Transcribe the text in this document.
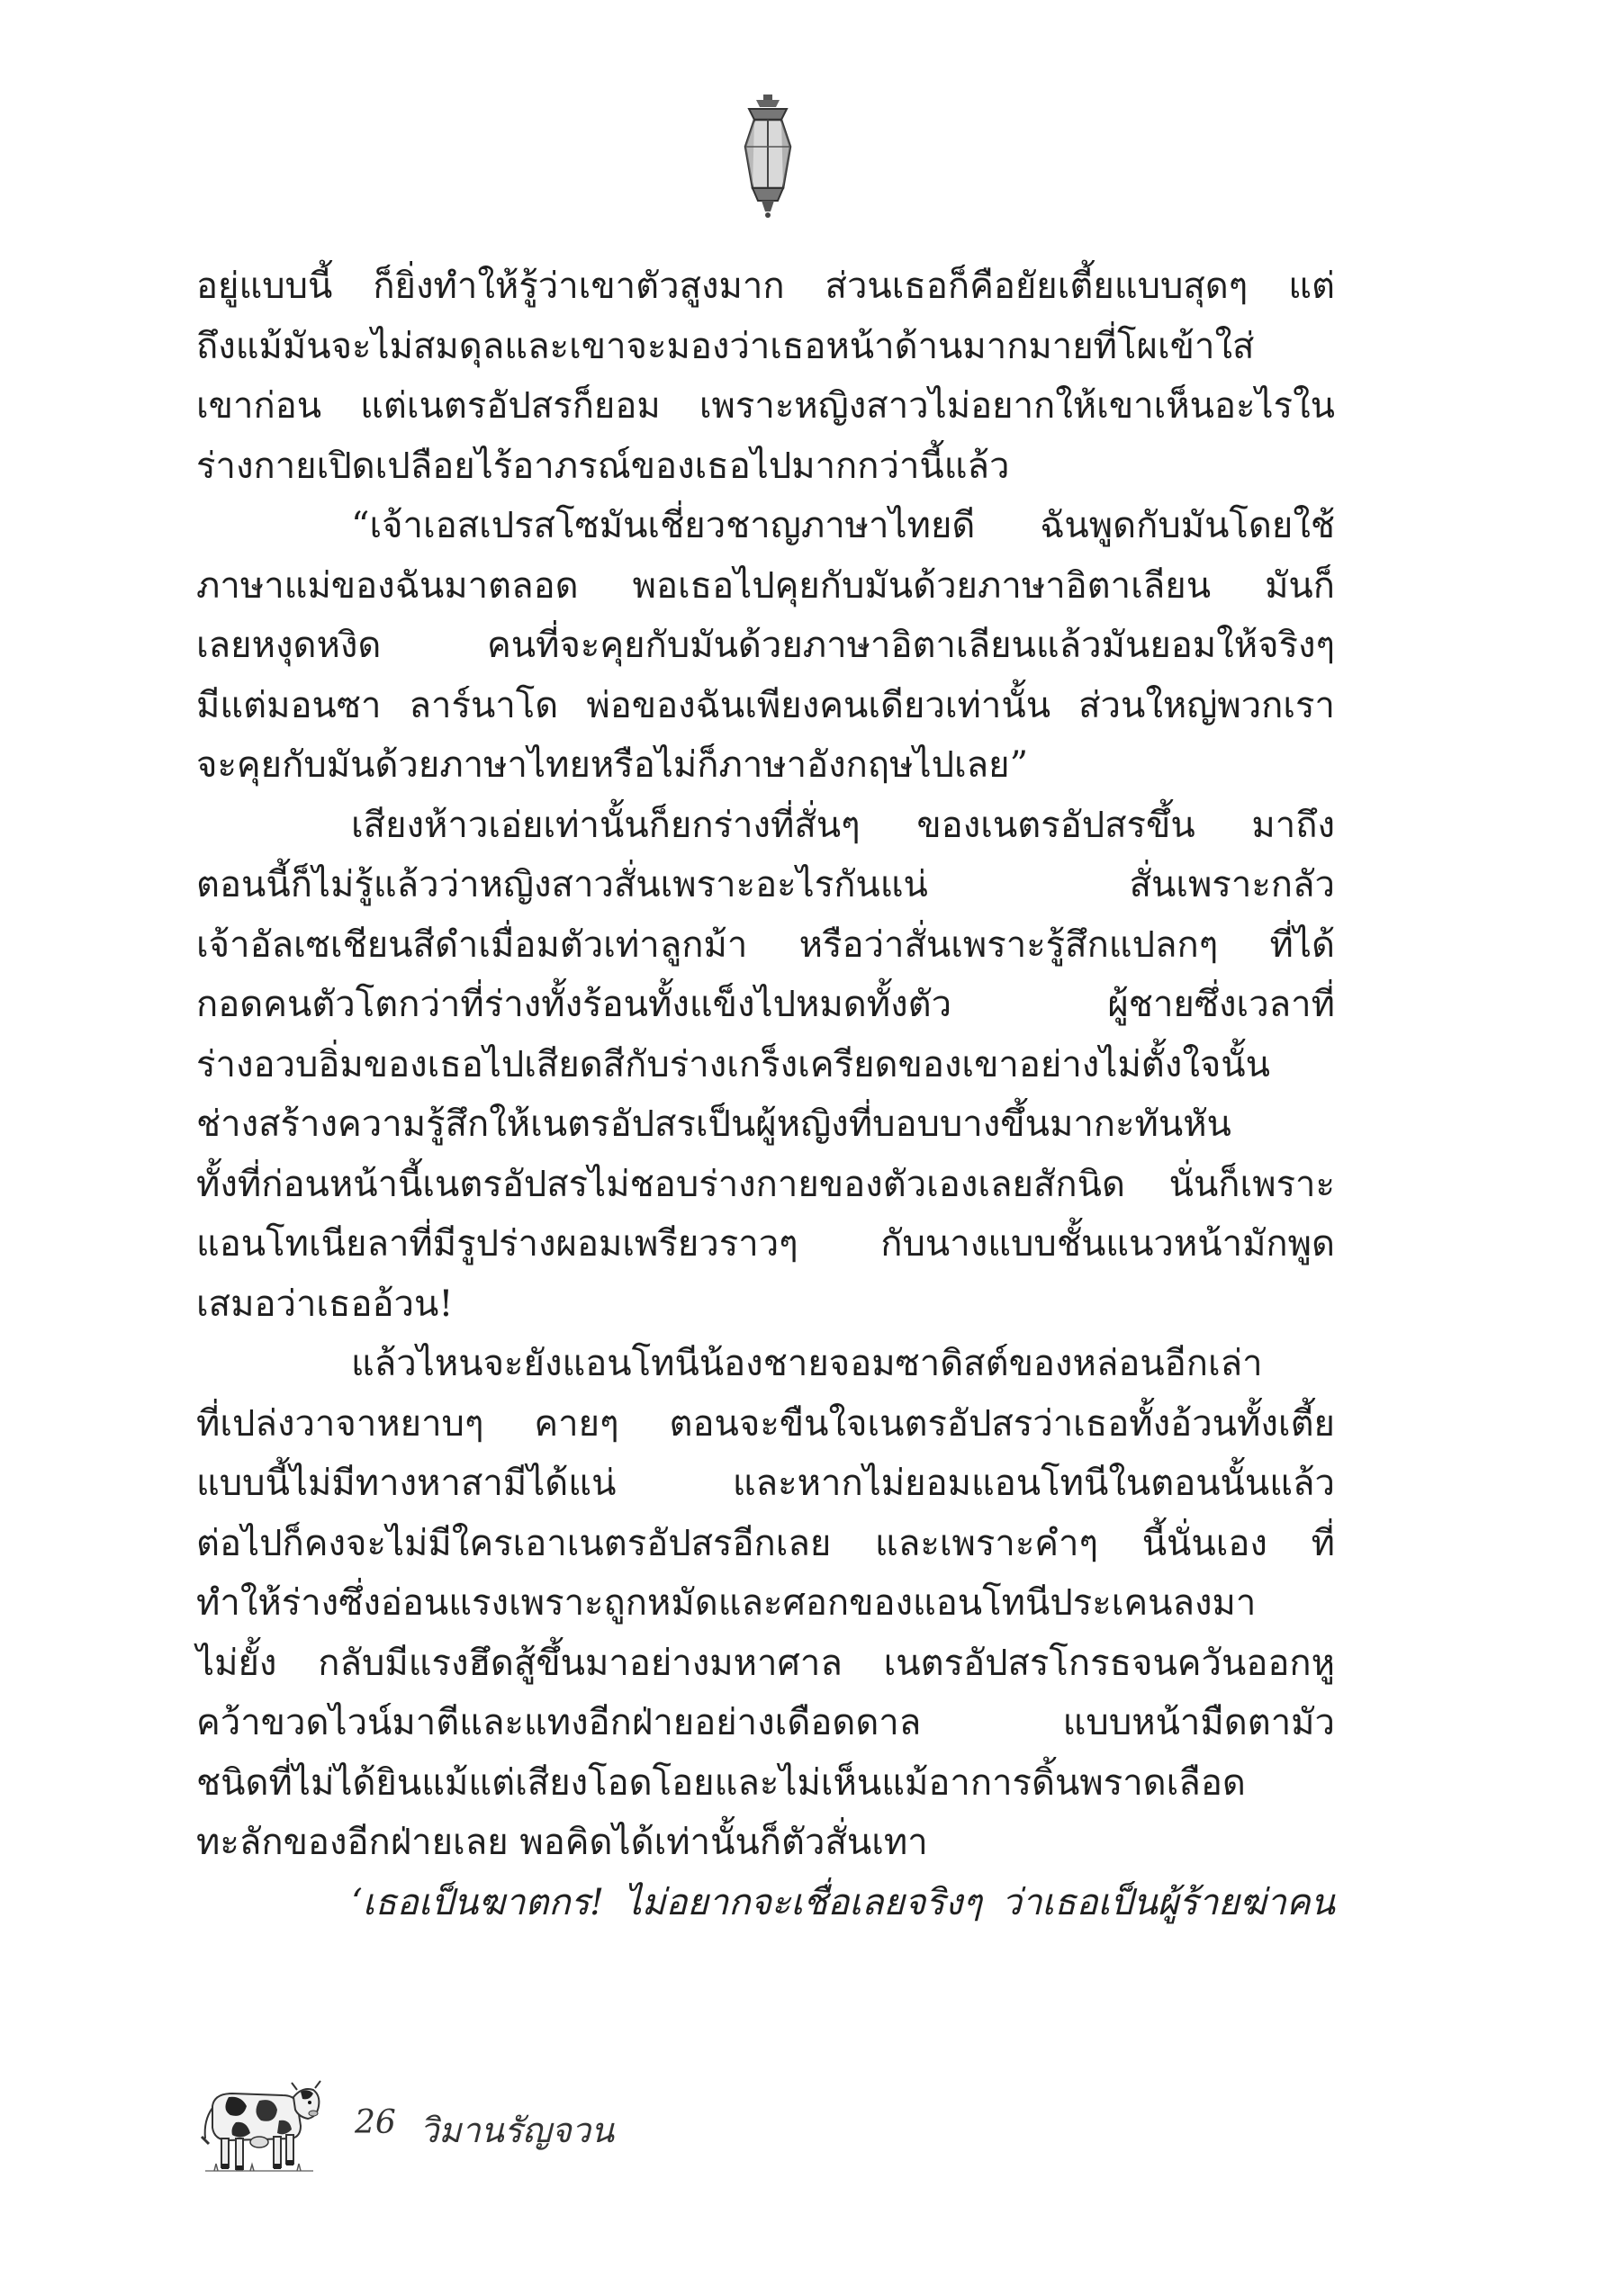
อยู่แบบนี้ ก็ยิ่งทำให้รู้ว่าเขาตัวสูงมาก ส่วนเธอก็คือยัยเตี้ยแบบสุดๆ แต่
ถึงแม้มันจะไม่สมดุลและเขาจะมองว่าเธอหน้าด้านมากมายที่โผเข้าใส่
เขาก่อน แต่เนตรอัปสรก็ยอม เพราะหญิงสาวไม่อยากให้เขาเห็นอะไรใน
ร่างกายเปิดเปลือยไร้อาภรณ์ของเธอไปมากกว่านี้แล้ว
“เจ้าเอสเปรสโซมันเชี่ยวชาญภาษาไทยดี ฉันพูดกับมันโดยใช้
ภาษาแม่ของฉันมาตลอด พอเธอไปคุยกับมันด้วยภาษาอิตาเลียน มันก็
เลยหงุดหงิด คนที่จะคุยกับมันด้วยภาษาอิตาเลียนแล้วมันยอมให้จริงๆ
มีแต่มอนซา ลาร์นาโด พ่อของฉันเพียงคนเดียวเท่านั้น ส่วนใหญ่พวกเรา
จะคุยกับมันด้วยภาษาไทยหรือไม่ก็ภาษาอังกฤษไปเลย”
เสียงห้าวเอ่ยเท่านั้นก็ยกร่างที่สั่นๆ ของเนตรอัปสรขึ้น มาถึง
ตอนนี้ก็ไม่รู้แล้วว่าหญิงสาวสั่นเพราะอะไรกันแน่ สั่นเพราะกลัว
เจ้าอัลเซเชียนสีดำเมื่อมตัวเท่าลูกม้า หรือว่าสั่นเพราะรู้สึกแปลกๆ ที่ได้
กอดคนตัวโตกว่าที่ร่างทั้งร้อนทั้งแข็งไปหมดทั้งตัว ผู้ชายซึ่งเวลาที่
ร่างอวบอิ่มของเธอไปเสียดสีกับร่างเกร็งเครียดของเขาอย่างไม่ตั้งใจนั้น
ช่างสร้างความรู้สึกให้เนตรอัปสรเป็นผู้หญิงที่บอบบางขึ้นมากะทันหัน
ทั้งที่ก่อนหน้านี้เนตรอัปสรไม่ชอบร่างกายของตัวเองเลยสักนิด นั่นก็เพราะ
แอนโทเนียลาที่มีรูปร่างผอมเพรียวราวๆ กับนางแบบชั้นแนวหน้ามักพูด
เสมอว่าเธออ้วน!
แล้วไหนจะยังแอนโทนีน้องชายจอมซาดิสต์ของหล่อนอีกเล่า
ที่เปล่งวาจาหยาบๆ คายๆ ตอนจะขืนใจเนตรอัปสรว่าเธอทั้งอ้วนทั้งเตี้ย
แบบนี้ไม่มีทางหาสามีได้แน่ และหากไม่ยอมแอนโทนีในตอนนั้นแล้ว
ต่อไปก็คงจะไม่มีใครเอาเนตรอัปสรอีกเลย และเพราะคำๆ นี้นั่นเอง ที่
ทำให้ร่างซึ่งอ่อนแรงเพราะถูกหมัดและศอกของแอนโทนีประเคนลงมา
ไม่ยั้ง กลับมีแรงฮึดสู้ขึ้นมาอย่างมหาศาล เนตรอัปสรโกรธจนควันออกหู
คว้าขวดไวน์มาตีและแทงอีกฝ่ายอย่างเดือดดาล แบบหน้ามืดตามัว
ชนิดที่ไม่ได้ยินแม้แต่เสียงโอดโอยและไม่เห็นแม้อาการดิ้นพราดเลือด
ทะลักของอีกฝ่ายเลย พอคิดได้เท่านั้นก็ตัวสั่นเทา
‘เธอเป็นฆาตกร! ไม่อยากจะเชื่อเลยจริงๆ ว่าเธอเป็นผู้ร้ายฆ่าคน
26 วิมานรัญจวน
